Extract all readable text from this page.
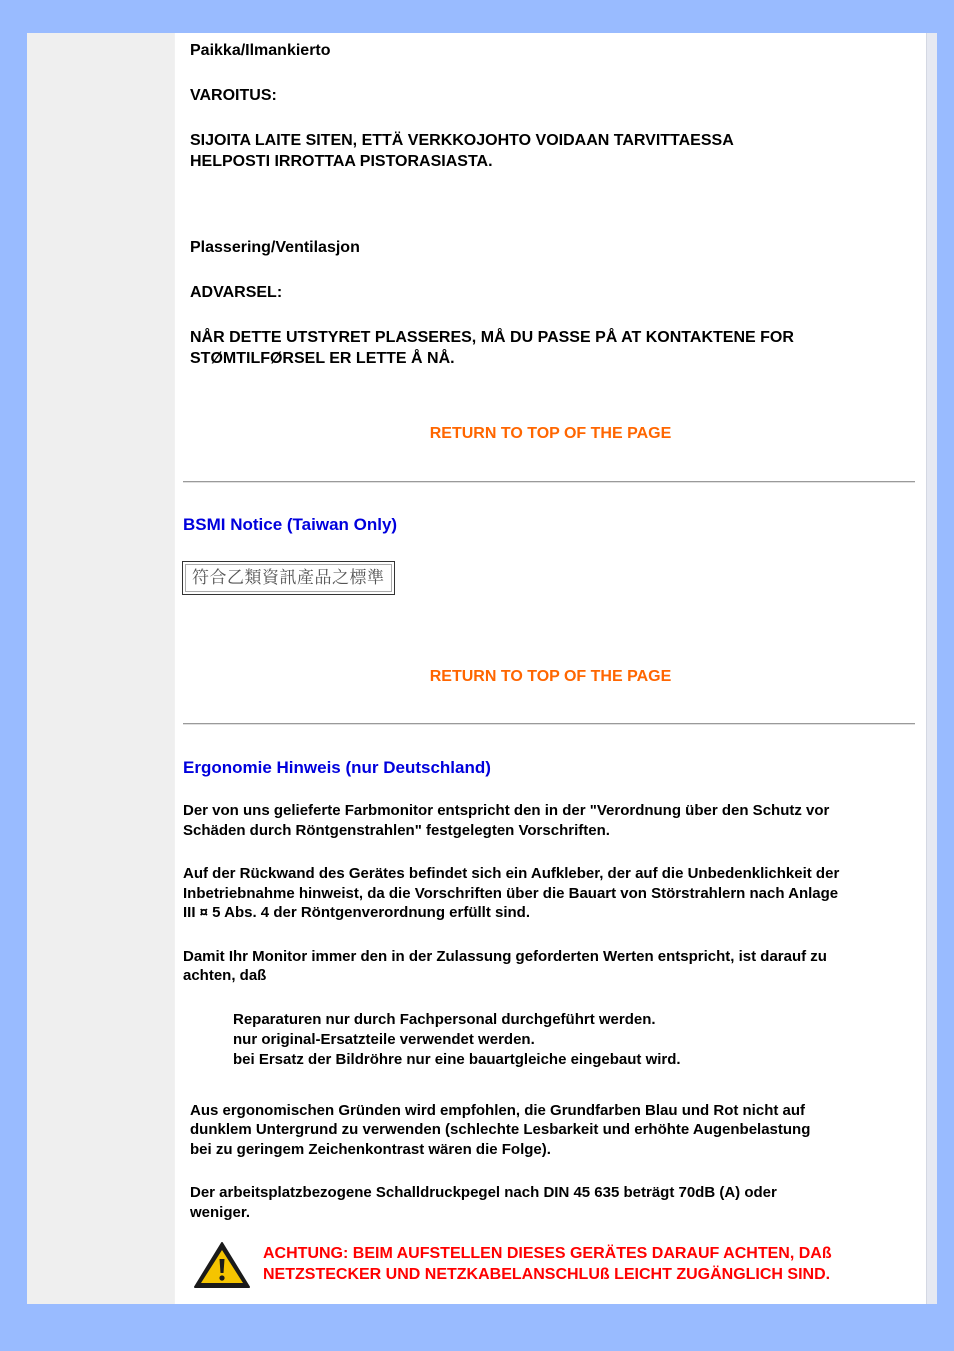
Paikka/Ilmankierto

VAROITUS:

SIJOITA LAITE SITEN, ETTÄ VERKKOJOHTO VOIDAAN TARVITTAESSA

HELPOSTI IRROTTAA PISTORASIASTA.

Plassering/Ventilasjon

ADVARSEL:

NÅR DETTE UTSTYRET PLASSERES, MÅ DU PASSE PÅ AT KONTAKTENE FOR

STØMTILFØRSEL ER LETTE Å NÅ.

RETURN TO TOP OF THE PAGE

BSMI Notice (Taiwan Only)

符合乙類資訊產品之標準

RETURN TO TOP OF THE PAGE

Ergonomie Hinweis (nur Deutschland)

Der von uns gelieferte Farbmonitor entspricht den in der "Verordnung über den Schutz vor

Schäden durch Röntgenstrahlen" festgelegten Vorschriften.

Auf der Rückwand des Gerätes befindet sich ein Aufkleber, der auf die Unbedenklichkeit der

Inbetriebnahme hinweist, da die Vorschriften über die Bauart von Störstrahlern nach Anlage

III ¤ 5 Abs. 4 der Röntgenverordnung erfüllt sind.

Damit Ihr Monitor immer den in der Zulassung geforderten Werten entspricht, ist darauf zu

achten, daß

Reparaturen nur durch Fachpersonal durchgeführt werden.

nur original-Ersatzteile verwendet werden.

bei Ersatz der Bildröhre nur eine bauartgleiche eingebaut wird.

Aus ergonomischen Gründen wird empfohlen, die Grundfarben Blau und Rot nicht auf

dunklem Untergrund zu verwenden (schlechte Lesbarkeit und erhöhte Augenbelastung

bei zu geringem Zeichenkontrast wären die Folge).

Der arbeitsplatzbezogene Schalldruckpegel nach DIN 45 635 beträgt 70dB (A) oder

weniger.

ACHTUNG: BEIM AUFSTELLEN DIESES GERÄTES DARAUF ACHTEN, DAß

NETZSTECKER UND NETZKABELANSCHLUß LEICHT ZUGÄNGLICH SIND.
